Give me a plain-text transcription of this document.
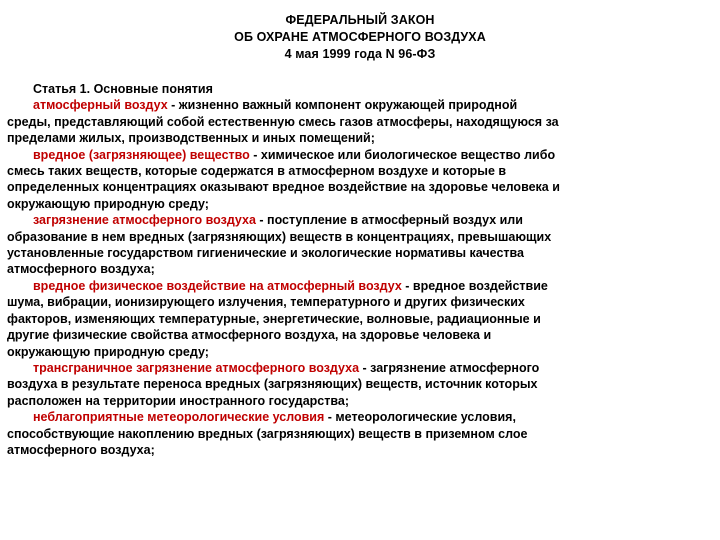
ФЕДЕРАЛЬНЫЙ ЗАКОН
ОБ ОХРАНЕ АТМОСФЕРНОГО ВОЗДУХА
4 мая 1999 года N 96-ФЗ
Статья 1. Основные понятия
атмосферный воздух - жизненно важный компонент окружающей природной
среды, представляющий собой естественную смесь газов атмосферы, находящуюся за
пределами жилых, производственных и иных помещений;
вредное (загрязняющее) вещество - химическое или биологическое вещество либо
смесь таких веществ, которые содержатся в атмосферном воздухе и которые в
определенных концентрациях оказывают вредное воздействие на здоровье человека и
окружающую природную среду;
загрязнение атмосферного воздуха - поступление в атмосферный воздух или
образование в нем вредных (загрязняющих) веществ в концентрациях, превышающих
установленные государством гигиенические и экологические нормативы качества
атмосферного воздуха;
вредное физическое воздействие на атмосферный воздух - вредное воздействие
шума, вибрации, ионизирующего излучения, температурного и других физических
факторов, изменяющих температурные, энергетические, волновые, радиационные и
другие физические свойства атмосферного воздуха, на здоровье человека и
окружающую природную среду;
трансграничное загрязнение атмосферного воздуха - загрязнение атмосферного
воздуха в результате переноса вредных (загрязняющих) веществ, источник которых
расположен на территории иностранного государства;
неблагоприятные метеорологические условия - метеорологические условия,
способствующие накоплению вредных (загрязняющих) веществ в приземном слое
атмосферного воздуха;
